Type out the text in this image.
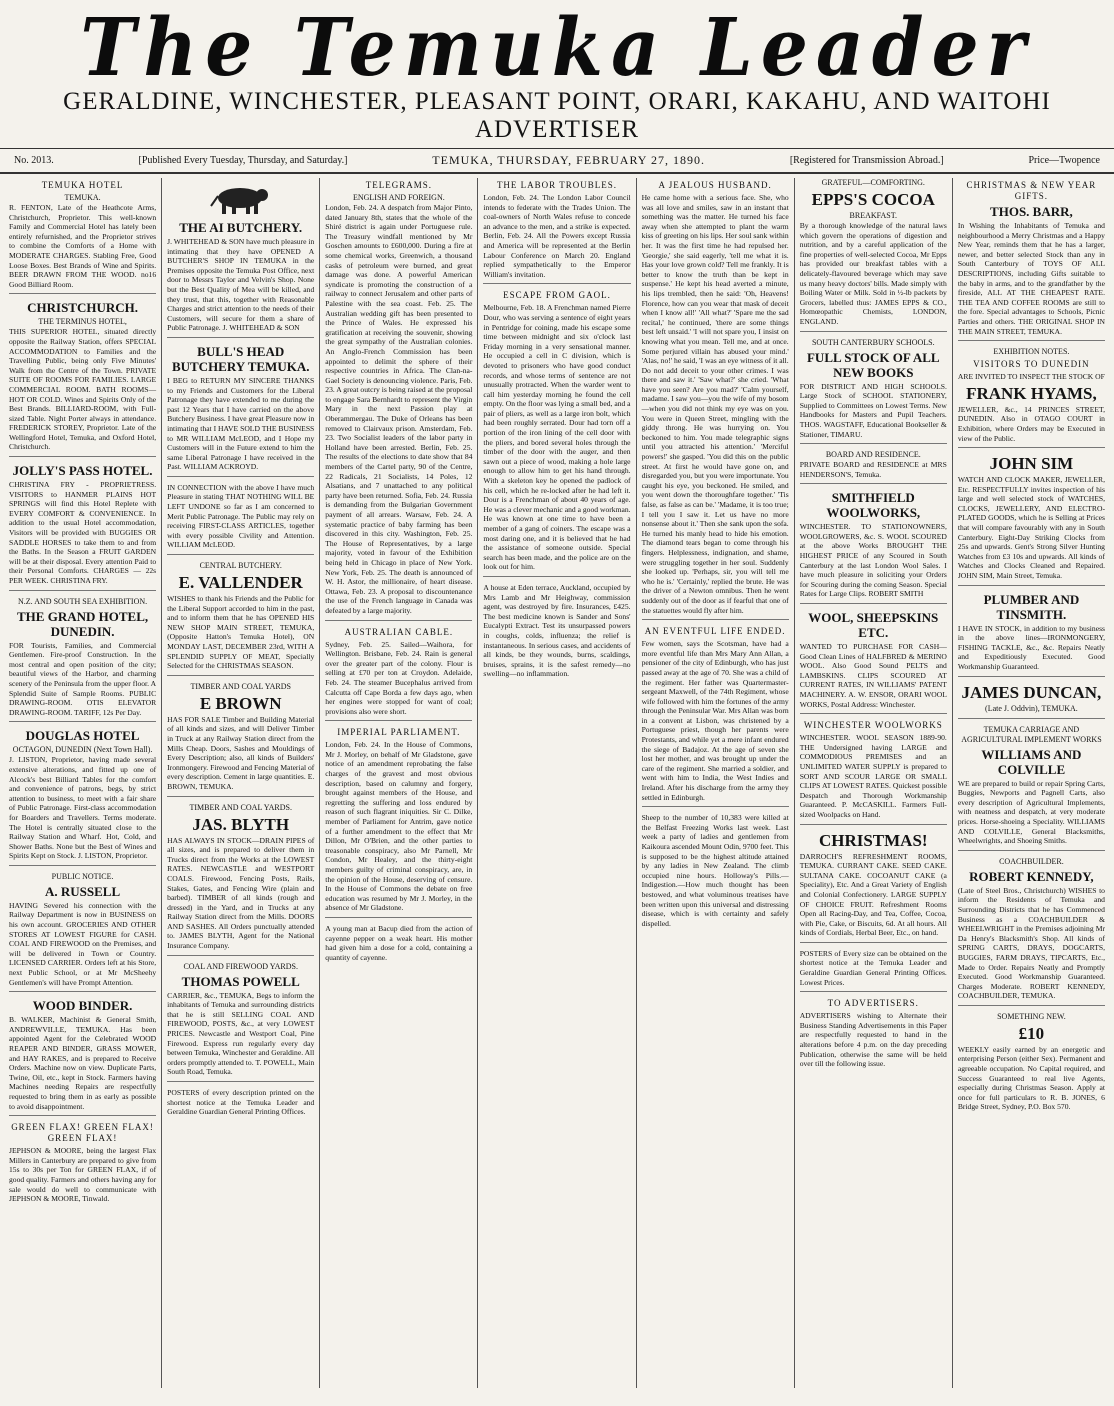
The Temuka Leader
GERALDINE, WINCHESTER, PLEASANT POINT, ORARI, KAKAHU, AND WAITOHI ADVERTISER
No. 2013.	[Published Every Tuesday, Thursday, and Saturday.]	TEMUKA, THURSDAY, FEBRUARY 27, 1890.	[Registered for Transmission Abroad.]	Price—Twopence
TEMUKA HOTEL
TEMUKA.
R. FENTON, Late of the Heathcote Arms, Christchurch, Proprietor. This well-known Family and Commercial Hotel has lately been entirely refurnished, and the Proprietor strives to combine the Comforts of a Home with MODERATE CHARGES. Stabling Free, Good Loose Boxes. Best Brands of Wine and Spirits. BEER DRAWN FROM THE WOOD. no16 Good Billiard Room.
CHRISTCHURCH.
THE TERMINUS HOTEL,
THIS SUPERIOR HOTEL, situated directly opposite the Railway Station, offers SPECIAL ACCOMMODATION to Families and the Travelling Public, being only Five Minutes' Walk from the Centre of the Town. PRIVATE SUITE OF ROOMS FOR FAMILIES. LARGE COMMERCIAL ROOM. BATH ROOMS—HOT OR COLD. Wines and Spirits Only of the Best Brands. BILLIARD-ROOM, with Full-sized Table. Night Porter always in attendance. FREDERICK STOREY, Proprietor. Late of the Wellingford Hotel, Temuka, and Oxford Hotel, Christchurch.
JOLLY'S PASS HOTEL.
CHRISTINA FRY - PROPRIETRESS. VISITORS to HANMER PLAINS HOT SPRINGS will find this Hotel Replete with EVERY COMFORT & CONVENIENCE. In addition to the usual Hotel accommodation, Visitors will be provided with BUGGIES OR SADDLE HORSES to take them to and from the Baths. In the Season a FRUIT GARDEN will be at their disposal. Every attention Paid to their Personal Comforts. CHARGES — 22s PER WEEK. CHRISTINA FRY.
N.Z. AND SOUTH SEA EXHIBITION.
THE GRAND HOTEL, DUNEDIN.
FOR Tourists, Families, and Commercial Gentlemen. Fire-proof Construction. In the most central and open position of the city; beautiful views of the Harbor, and charming scenery of the Peninsula from the upper floor. A Splendid Suite of Sample Rooms. PUBLIC DRAWING-ROOM. OTIS ELEVATOR DRAWING-ROOM. TARIFF, 12s Per Day.
DOUGLAS HOTEL
OCTAGON, DUNEDIN (Next Town Hall).
J. LISTON, Proprietor, having made several extensive alterations, and fitted up one of Alcock's best Billiard Tables for the comfort and convenience of patrons, begs, by strict attention to business, to meet with a fair share of Public Patronage. First-class accommodation for Boarders and Travellers. Terms moderate. The Hotel is centrally situated close to the Railway Station and Wharf. Hot, Cold, and Shower Baths. None but the Best of Wines and Spirits Kept on Stock. J. LISTON, Proprietor.
PUBLIC NOTICE.
A. RUSSELL
HAVING Severed his connection with the Railway Department is now in BUSINESS on his own account. GROCERIES AND OTHER STORES AT LOWEST FIGURE for CASH. COAL AND FIREWOOD on the Premises, and will be delivered in Town or Country. LICENSED CARRIER. Orders left at his Store, next Public School, or at Mr McSheehy Gentlemen's will have Prompt Attention.
WOOD BINDER.
B. WALKER, Machinist & General Smith, ANDREWVILLE, TEMUKA. Has been appointed Agent for the Celebrated WOOD REAPER AND BINDER, GRASS MOWER, and HAY RAKES, and is prepared to Receive Orders. Machine now on view. Duplicate Parts, Twine, Oil, etc., kept in Stock. Farmers having Machines needing Repairs are respectfully requested to bring them in as early as possible to avoid disappointment.
GREEN FLAX! GREEN FLAX! GREEN FLAX!
JEPHSON & MOORE, being the largest Flax Millers in Canterbury are prepared to give from 15s to 30s per Ton for GREEN FLAX, if of good quality. Farmers and others having any for sale would do well to communicate with JEPHSON & MOORE, Tinwald.
THE AI BUTCHERY.
J. WHITEHEAD & SON have much pleasure in intimating that they have OPENED A BUTCHER'S SHOP IN TEMUKA in the Premises opposite the Temuka Post Office, next door to Messrs Taylor and Velvin's Shop. None but the Best Quality of Mea will be killed, and they trust, that this, together with Reasonable Charges and strict attention to the needs of their Customers, will secure for them a share of Public Patronage. J. WHITEHEAD & SON
BULL'S HEAD BUTCHERY TEMUKA.
I BEG to RETURN MY SINCERE THANKS to my Friends and Customers for the Liberal Patronage they have extended to me during the past 12 Years that I have carried on the above Butchery Business. I have great Pleasure now in intimating that I HAVE SOLD THE BUSINESS to MR WILLIAM McLEOD, and I Hope my Customers will in the Future extend to him the same Liberal Patronage I have received in the Past. WILLIAM ACKROYD.
IN CONNECTION with the above I have much Pleasure in stating THAT NOTHING WILL BE LEFT UNDONE so far as I am concerned to Merit Public Patronage. The Public may rely on receiving FIRST-CLASS ARTICLES, together with every possible Civility and Attention. WILLIAM McLEOD.
CENTRAL BUTCHERY.
E. VALLENDER
WISHES to thank his Friends and the Public for the Liberal Support accorded to him in the past, and to inform them that he has OPENED HIS NEW SHOP MAIN STREET, TEMUKA, (Opposite Hatton's Temuka Hotel), ON MONDAY LAST, DECEMBER 23rd, WITH A SPLENDID SUPPLY OF MEAT, Specially Selected for the CHRISTMAS SEASON.
TIMBER AND COAL YARDS
E BROWN
HAS FOR SALE Timber and Building Material of all kinds and sizes, and will Deliver Timber in Truck at any Railway Station direct from the Mills Cheap. Doors, Sashes and Mouldings of Every Description; also, all kinds of Builders' Ironmongery. Firewood and Fencing Material of every description. Cement in large quantities. E. BROWN, TEMUKA.
TIMBER AND COAL YARDS.
JAS. BLYTH
HAS ALWAYS IN STOCK—DRAIN PIPES of all sizes, and is prepared to deliver them in Trucks direct from the Works at the LOWEST RATES. NEWCASTLE and WESTPORT COALS. Firewood, Fencing Posts, Rails, Stakes, Gates, and Fencing Wire (plain and barbed). TIMBER of all kinds (rough and dressed) in the Yard, and in Trucks at any Railway Station direct from the Mills. DOORS AND SASHES. All Orders punctually attended to. JAMES BLYTH, Agent for the National Insurance Company.
COAL AND FIREWOOD YARDS.
THOMAS POWELL
CARRIER, &c., TEMUKA, Begs to inform the inhabitants of Temuka and surrounding districts that he is still SELLING COAL AND FIREWOOD, POSTS, &c., at very LOWEST PRICES. Newcastle and Westport Coal, Pine Firewood. Express run regularly every day between Temuka, Winchester and Geraldine. All orders promptly attended to. T. POWELL, Main South Road, Temuka.
POSTERS of every description printed on the shortest notice at the Temuka Leader and Geraldine Guardian General Printing Offices.
TELEGRAMS.
ENGLISH AND FOREIGN.
London, Feb. 24. A despatch from Major Pinto, dated January 8th, states that the whole of the Shiré district is again under Portuguese rule. The Treasury windfall mentioned by Mr Goschen amounts to £600,000. During a fire at some chemical works, Greenwich, a thousand casks of petroleum were burned, and great damage was done. A powerful American syndicate is promoting the construction of a railway to connect Jerusalem and other parts of Palestine with the sea coast. Feb. 25. The Australian wedding gift has been presented to the Prince of Wales. He expressed his gratification at receiving the souvenir, showing the great sympathy of the Australian colonies. An Anglo-French Commission has been appointed to delimit the sphere of their respective countries in Africa. The Clan-na-Gael Society is denouncing violence. Paris, Feb. 23. A great outcry is being raised at the proposal to engage Sara Bernhardt to represent the Virgin Mary in the next Passion play at Oberammergau. The Duke of Orleans has been removed to Clairvaux prison. Amsterdam, Feb. 23. Two Socialist leaders of the labor party in Holland have been arrested. Berlin, Feb. 25. The results of the elections to date show that 84 members of the Cartel party, 90 of the Centre, 22 Radicals, 21 Socialists, 14 Poles, 12 Alsatians, and 7 unattached to any political party have been returned. Sofia, Feb. 24. Russia is demanding from the Bulgarian Government payment of all arrears. Warsaw, Feb. 24. A systematic practice of baby farming has been discovered in this city. Washington, Feb. 25. The House of Representatives, by a large majority, voted in favour of the Exhibition being held in Chicago in place of New York. New York, Feb. 25. The death is announced of W. H. Astor, the millionaire, of heart disease. Ottawa, Feb. 23. A proposal to discountenance the use of the French language in Canada was defeated by a large majority.
AUSTRALIAN CABLE.
Sydney, Feb. 25. Sailed—Waihora, for Wellington. Brisbane, Feb. 24. Rain is general over the greater part of the colony. Flour is selling at £70 per ton at Croydon. Adelaide, Feb. 24. The steamer Bucephalus arrived from Calcutta off Cape Borda a few days ago, when her engines were stopped for want of coal; provisions also were short.
IMPERIAL PARLIAMENT.
London, Feb. 24. In the House of Commons, Mr J. Morley, on behalf of Mr Gladstone, gave notice of an amendment reprobating the false charges of the gravest and most obvious description, based on calumny and forgery, brought against members of the House, and regretting the suffering and loss endured by reason of such flagrant iniquities. Sir C. Dilke, member of Parliament for Antrim, gave notice of a further amendment to the effect that Mr Dillon, Mr O'Brien, and the other parties to treasonable conspiracy, also Mr Parnell, Mr Condon, Mr Healey, and the thirty-eight members guilty of criminal conspiracy, are, in the opinion of the House, deserving of censure. In the House of Commons the debate on free education was resumed by Mr J. Morley, in the absence of Mr Gladstone.
A young man at Bacup died from the action of cayenne pepper on a weak heart. His mother had given him a dose for a cold, containing a quantity of cayenne.
THE LABOR TROUBLES.
London, Feb. 24. The London Labor Council intends to federate with the Trades Union. The coal-owners of North Wales refuse to concede an advance to the men, and a strike is expected. Berlin, Feb. 24. All the Powers except Russia and America will be represented at the Berlin Labour Conference on March 20. England replied sympathetically to the Emperor William's invitation.
ESCAPE FROM GAOL.
Melbourne, Feb. 18. A Frenchman named Pierre Dour, who was serving a sentence of eight years in Pentridge for coining, made his escape some time between midnight and six o'clock last Friday morning in a very sensational manner. He occupied a cell in C division, which is devoted to prisoners who have good conduct records, and whose terms of sentence are not unusually protracted. When the warder went to call him yesterday morning he found the cell empty. On the floor was lying a small bed, and a pair of pliers, as well as a large iron bolt, which had been roughly serrated. Dour had torn off a portion of the iron lining of the cell door with the pliers, and bored several holes through the timber of the door with the auger, and then sawn out a piece of wood, making a hole large enough to allow him to get his hand through. With a skeleton key he opened the padlock of his cell, which he re-locked after he had left it. Dour is a Frenchman of about 40 years of age. He was a clever mechanic and a good workman. He was known at one time to have been a member of a gang of coiners. The escape was a most daring one, and it is believed that he had the assistance of someone outside. Special search has been made, and the police are on the look out for him.
A house at Eden terrace, Auckland, occupied by Mrs Lamb and Mr Heighway, commission agent, was destroyed by fire. Insurances, £425. The best medicine known is Sander and Sons' Eucalypti Extract. Test its unsurpassed powers in coughs, colds, influenza; the relief is instantaneous. In serious cases, and accidents of all kinds, be they wounds, burns, scaldings, bruises, sprains, it is the safest remedy—no swelling—no inflammation.
A JEALOUS HUSBAND.
He came home with a serious face. She, who was all love and smiles, saw in an instant that something was the matter. He turned his face away when she attempted to plant the warm kiss of greeting on his lips. Her soul sank within her. It was the first time he had repulsed her. 'Georgie,' she said eagerly, 'tell me what it is. Has your love grown cold? Tell me frankly. It is better to know the truth than be kept in suspense.' He kept his head averted a minute, his lips trembled, then he said: 'Oh, Heavens! Florence, how can you wear that mask of deceit when I know all!' 'All what?' 'Spare me the sad recital,' he continued, 'there are some things best left unsaid.' 'I will not spare you, I insist on knowing what you mean. Tell me, and at once. Some perjured villain has abused your mind.' 'Alas, no!' he said, 'I was an eye witness of it all. Do not add deceit to your other crimes. I was there and saw it.' 'Saw what?' she cried. 'What have you seen? Are you mad?' 'Calm yourself, madame. I saw you—you the wife of my bosom—when you did not think my eye was on you. You were in Queen Street, mingling with the giddy throng. He was hurrying on. You beckoned to him. You made telegraphic signs until you attracted his attention.' 'Merciful powers!' she gasped. 'You did this on the public street. At first he would have gone on, and disregarded you, but you were importunate. You caught his eye, you beckoned. He smiled, and you went down the thoroughfare together.' 'Tis false, as false as can be.' 'Madame, it is too true; I tell you I saw it. Let us have no more nonsense about it.' Then she sank upon the sofa. He turned his manly head to hide his emotion. The diamond tears began to come through his fingers. Helplessness, indignation, and shame, were struggling together in her soul. Suddenly she looked up. 'Perhaps, sir, you will tell me who he is.' 'Certainly,' replied the brute. He was the driver of a Newton omnibus. Then he went suddenly out of the door as if fearful that one of the statuettes would fly after him.
AN EVENTFUL LIFE ENDED.
Few women, says the Scotsman, have had a more eventful life than Mrs Mary Ann Allan, a pensioner of the city of Edinburgh, who has just passed away at the age of 70. She was a child of the regiment. Her father was Quartermaster-sergeant Maxwell, of the 74th Regiment, whose wife followed with him the fortunes of the army through the Peninsular War. Mrs Allan was born in a convent at Lisbon, was christened by a Portuguese priest, though her parents were Protestants, and while yet a mere infant endured the siege of Badajoz. At the age of seven she lost her mother, and was brought up under the care of the regiment. She married a soldier, and went with him to India, the West Indies and Ireland. After his discharge from the army they settled in Edinburgh.
Sheep to the number of 10,383 were killed at the Belfast Freezing Works last week. Last week a party of ladies and gentlemen from Kaikoura ascended Mount Odin, 9700 feet. This is supposed to be the highest altitude attained by any ladies in New Zealand. The climb occupied nine hours. Holloway's Pills.—Indigestion.—How much thought has been bestowed, and what voluminous treatises have been written upon this universal and distressing disease, which is with certainty and safely dispelled.
GRATEFUL—COMFORTING.
EPPS'S COCOA
BREAKFAST.
By a thorough knowledge of the natural laws which govern the operations of digestion and nutrition, and by a careful application of the fine properties of well-selected Cocoa, Mr Epps has provided our breakfast tables with a delicately-flavoured beverage which may save us many heavy doctors' bills. Made simply with Boiling Water or Milk. Sold in ½-lb packets by Grocers, labelled thus: JAMES EPPS & CO., Homœopathic Chemists, LONDON, ENGLAND.
SOUTH CANTERBURY SCHOOLS.
FULL STOCK OF ALL NEW BOOKS
FOR DISTRICT AND HIGH SCHOOLS. Large Stock of SCHOOL STATIONERY, Supplied to Committees on Lowest Terms. New Handbooks for Masters and Pupil Teachers. THOS. WAGSTAFF, Educational Bookseller & Stationer, TIMARU.
BOARD AND RESIDENCE.
PRIVATE BOARD and RESIDENCE at MRS HENDERSON'S, Temuka.
SMITHFIELD WOOLWORKS,
WINCHESTER. TO STATIONOWNERS, WOOLGROWERS, &c. S. WOOL SCOURED at the above Works BROUGHT THE HIGHEST PRICE of any Scoured in South Canterbury at the last London Wool Sales. I have much pleasure in soliciting your Orders for Scouring during the coming Season. Special Rates for Large Clips. ROBERT SMITH
WOOL, SHEEPSKINS ETC.
WANTED TO PURCHASE FOR CASH—Good Clean Lines of HALFBRED & MERINO WOOL. Also Good Sound PELTS and LAMBSKINS. CLIPS SCOURED AT CURRENT RATES, IN WILLIAMS' PATENT MACHINERY. A. W. ENSOR, ORARI WOOL WORKS, Postal Address: Winchester.
WINCHESTER WOOLWORKS
WINCHESTER. WOOL SEASON 1889-90. THE Undersigned having LARGE and COMMODIOUS PREMISES and an UNLIMITED WATER SUPPLY is prepared to SORT AND SCOUR LARGE OR SMALL CLIPS AT LOWEST RATES. Quickest possible Despatch and Thorough Workmanship Guaranteed. P. McCASKILL. Farmers Full-sized Woolpacks on Hand.
CHRISTMAS!
DARROCH'S REFRESHMENT ROOMS, TEMUKA. CURRANT CAKE. SEED CAKE. SULTANA CAKE. COCOANUT CAKE (a Speciality), Etc. And a Great Variety of English and Colonial Confectionery. LARGE SUPPLY OF CHOICE FRUIT. Refreshment Rooms Open all Racing-Day, and Tea, Coffee, Cocoa, with Pie, Cake, or Biscuits, 6d. At all hours. All kinds of Cordials, Herbal Beer, Etc., on hand.
POSTERS of Every size can be obtained on the shortest notice at the Temuka Leader and Geraldine Guardian General Printing Offices. Lowest Prices.
TO ADVERTISERS.
ADVERTISERS wishing to Alternate their Business Standing Advertisements in this Paper are respectfully requested to hand in the alterations before 4 p.m. on the day preceding Publication, otherwise the same will be held over till the following issue.
CHRISTMAS & NEW YEAR GIFTS.
THOS. BARR,
In Wishing the Inhabitants of Temuka and neighbourhood a Merry Christmas and a Happy New Year, reminds them that he has a larger, newer, and better selected Stock than any in South Canterbury of TOYS OF ALL DESCRIPTIONS, including Gifts suitable to the baby in arms, and to the grandfather by the fireside, ALL AT THE CHEAPEST RATE. THE TEA AND COFFEE ROOMS are still to the fore. Special advantages to Schools, Picnic Parties and others. THE ORIGINAL SHOP IN THE MAIN STREET, TEMUKA.
EXHIBITION NOTES.
VISITORS TO DUNEDIN
ARE INVITED TO INSPECT THE STOCK OF
FRANK HYAMS,
JEWELLER, &c., 14 PRINCES STREET, DUNEDIN. Also in OTAGO COURT in Exhibition, where Orders may be Executed in view of the Public.
JOHN SIM
WATCH AND CLOCK MAKER, JEWELLER, Etc. RESPECTFULLY invites inspection of his large and well selected stock of WATCHES, CLOCKS, JEWELLERY, AND ELECTRO-PLATED GOODS, which he is Selling at Prices that will compare favourably with any in South Canterbury. Eight-Day Striking Clocks from 25s and upwards. Gent's Strong Silver Hunting Watches from £3 10s and upwards. All kinds of Watches and Clocks Cleaned and Repaired. JOHN SIM, Main Street, Temuka.
PLUMBER AND TINSMITH.
I HAVE IN STOCK, in addition to my business in the above lines—IRONMONGERY, FISHING TACKLE, &c., &c. Repairs Neatly and Expeditiously Executed. Good Workmanship Guaranteed.
JAMES DUNCAN,
(Late J. Oddvin), TEMUKA.
TEMUKA CARRIAGE AND AGRICULTURAL IMPLEMENT WORKS
WILLIAMS AND COLVILLE
WE are prepared to build or repair Spring Carts, Buggies, Newports and Pagnell Carts, also every description of Agricultural Implements, with neatness and despatch, at very moderate prices. Horse-shoeing a Speciality. WILLIAMS AND COLVILLE, General Blacksmiths, Wheelwrights, and Shoeing Smiths.
COACHBUILDER.
ROBERT KENNEDY,
(Late of Steel Bros., Christchurch) WISHES to inform the Residents of Temuka and Surrounding Districts that he has Commenced Business as a COACHBUILDER & WHEELWRIGHT in the Premises adjoining Mr Da Henry's Blacksmith's Shop. All kinds of SPRING CARTS, DRAYS, DOGCARTS, BUGGIES, FARM DRAYS, TIPCARTS, Etc., Made to Order. Repairs Neatly and Promptly Executed. Good Workmanship Guaranteed. Charges Moderate. ROBERT KENNEDY, COACHBUILDER, TEMUKA.
SOMETHING NEW.
£10
WEEKLY easily earned by an energetic and enterprising Person (either Sex). Permanent and agreeable occupation. No Capital required, and Success Guaranteed to real live Agents, especially during Christmas Season. Apply at once for full particulars to R. B. JONES, 6 Bridge Street, Sydney, P.O. Box 570.
